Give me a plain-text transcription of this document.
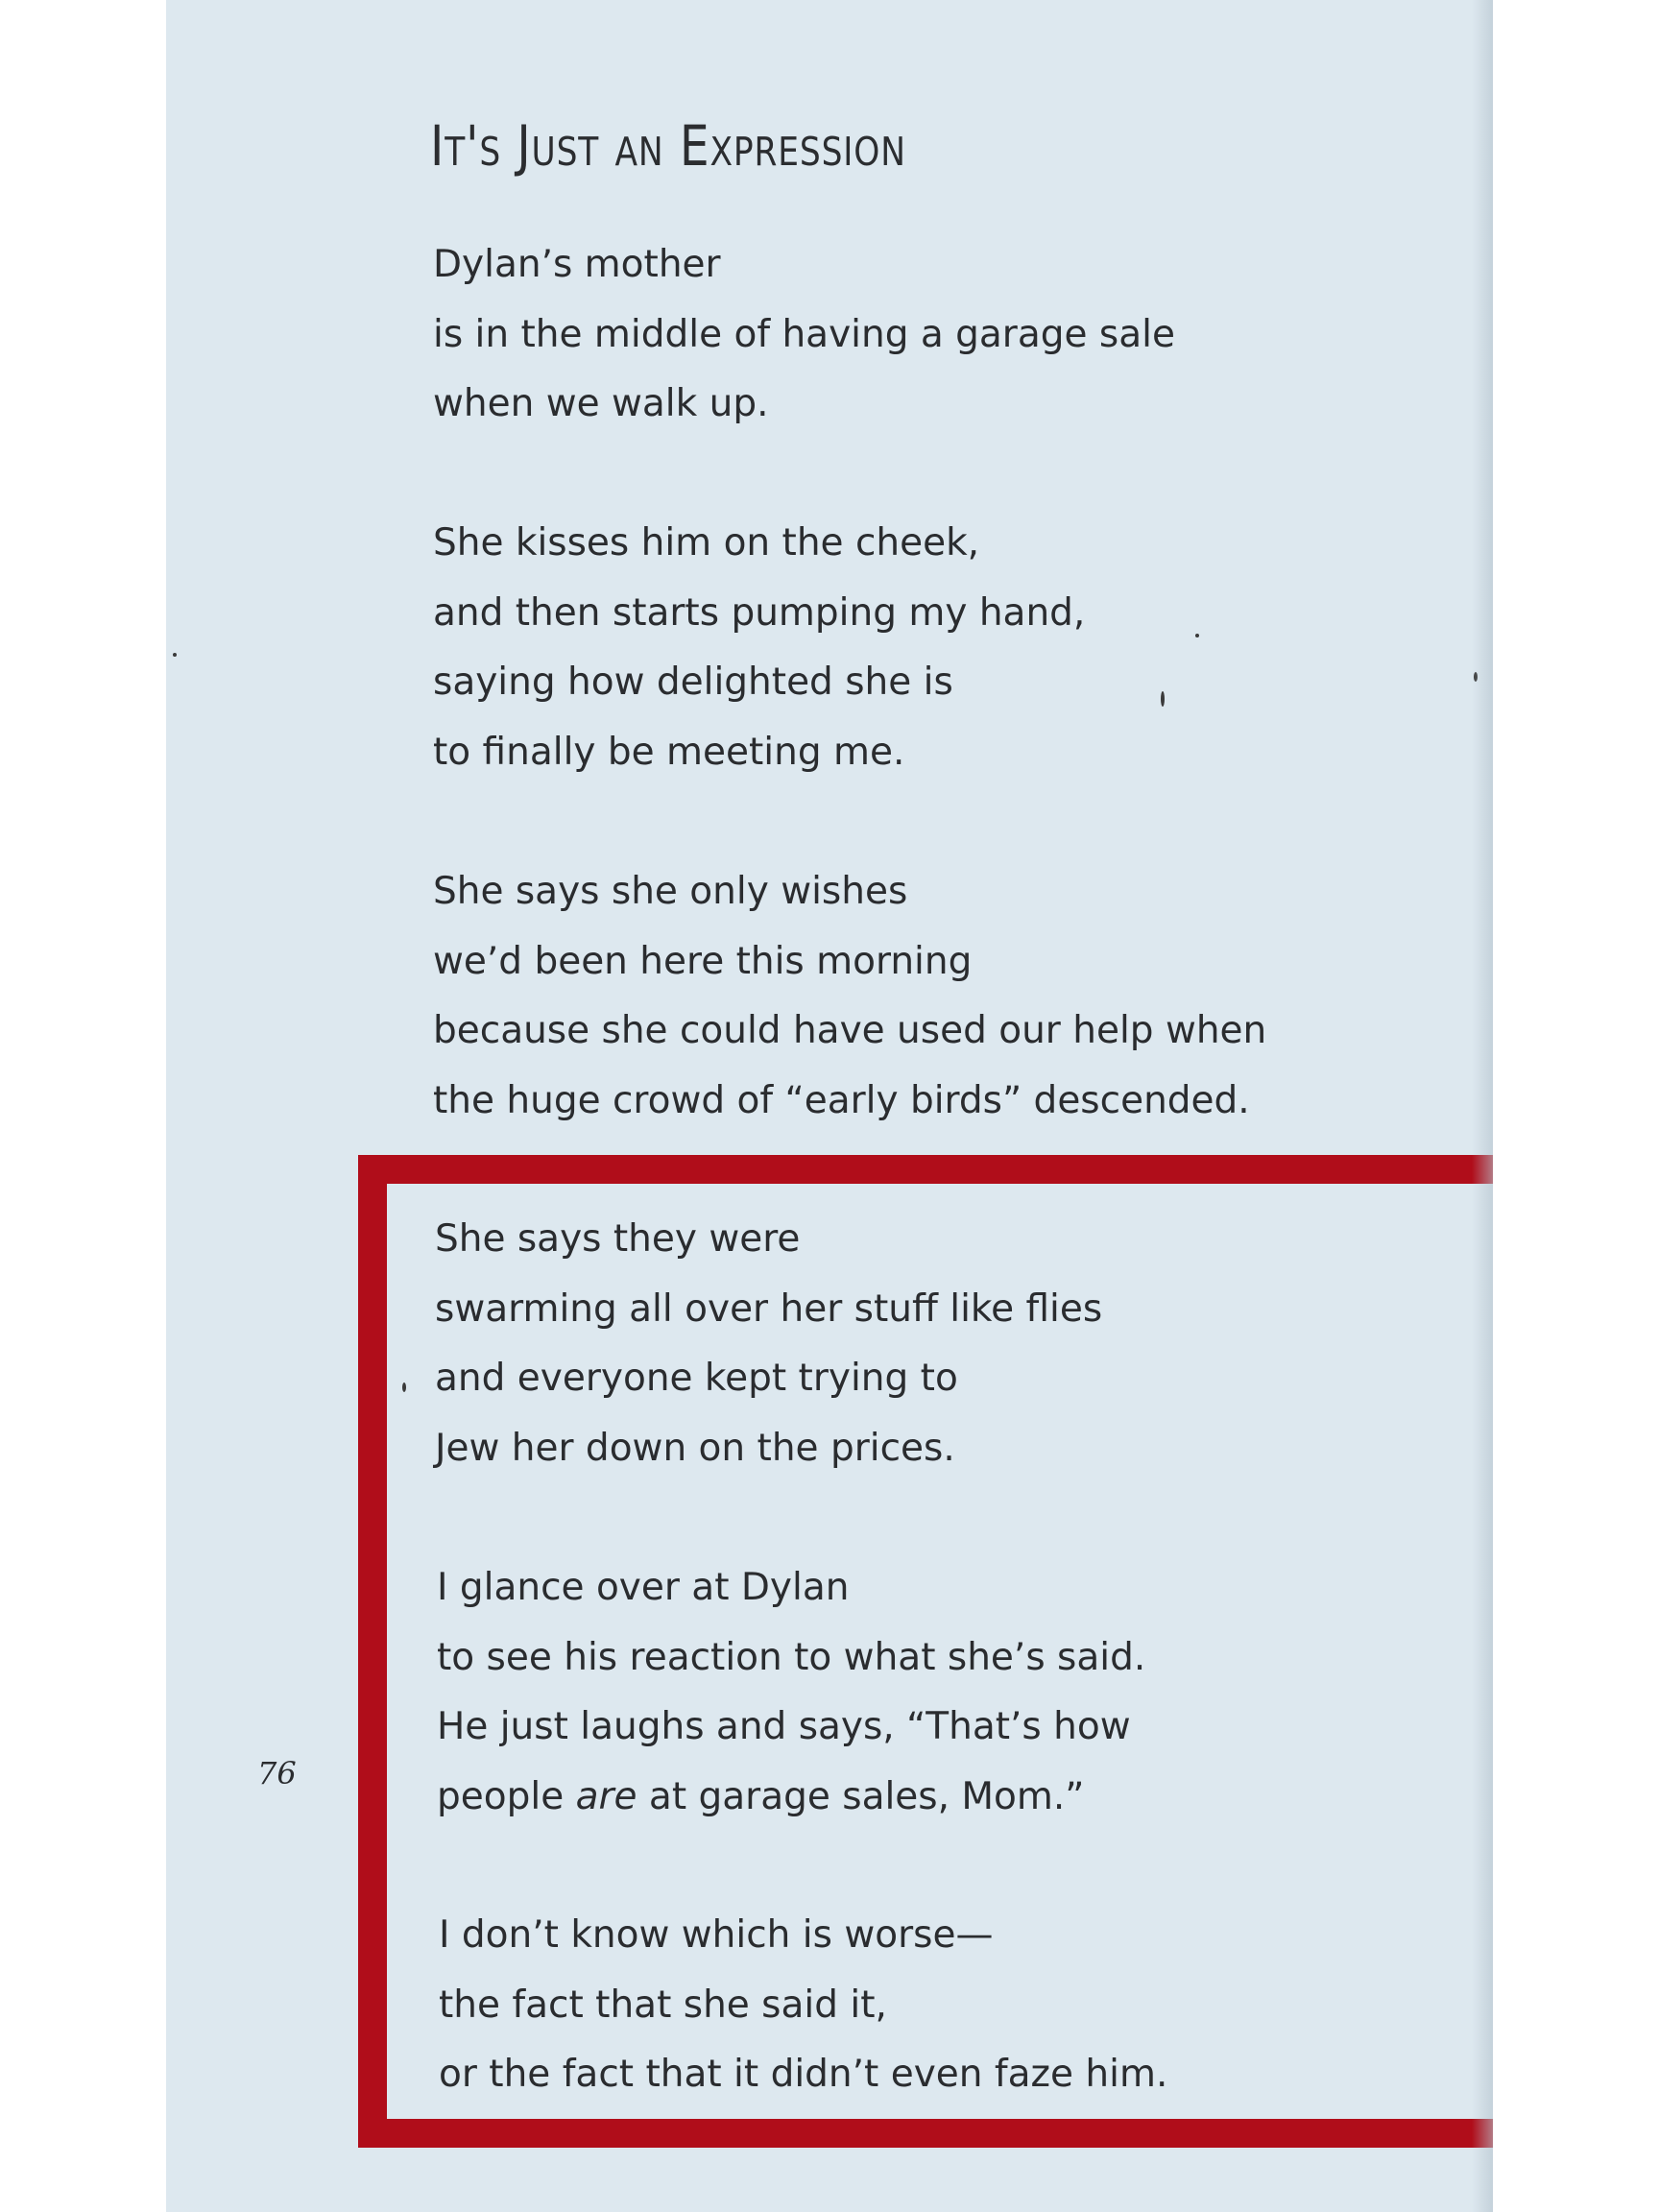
It's Just an Expression
Dylan’s mother
is in the middle of having a garage sale
when we walk up.
She kisses him on the cheek,
and then starts pumping my hand,
saying how delighted she is
to finally be meeting me.
She says she only wishes
we’d been here this morning
because she could have used our help when
the huge crowd of “early birds” descended.
She says they were
swarming all over her stuff like flies
and everyone kept trying to
Jew her down on the prices.
I glance over at Dylan
to see his reaction to what she’s said.
He just laughs and says, “That’s how
people are at garage sales, Mom.”
I don’t know which is worse—
the fact that she said it,
or the fact that it didn’t even faze him.

76
